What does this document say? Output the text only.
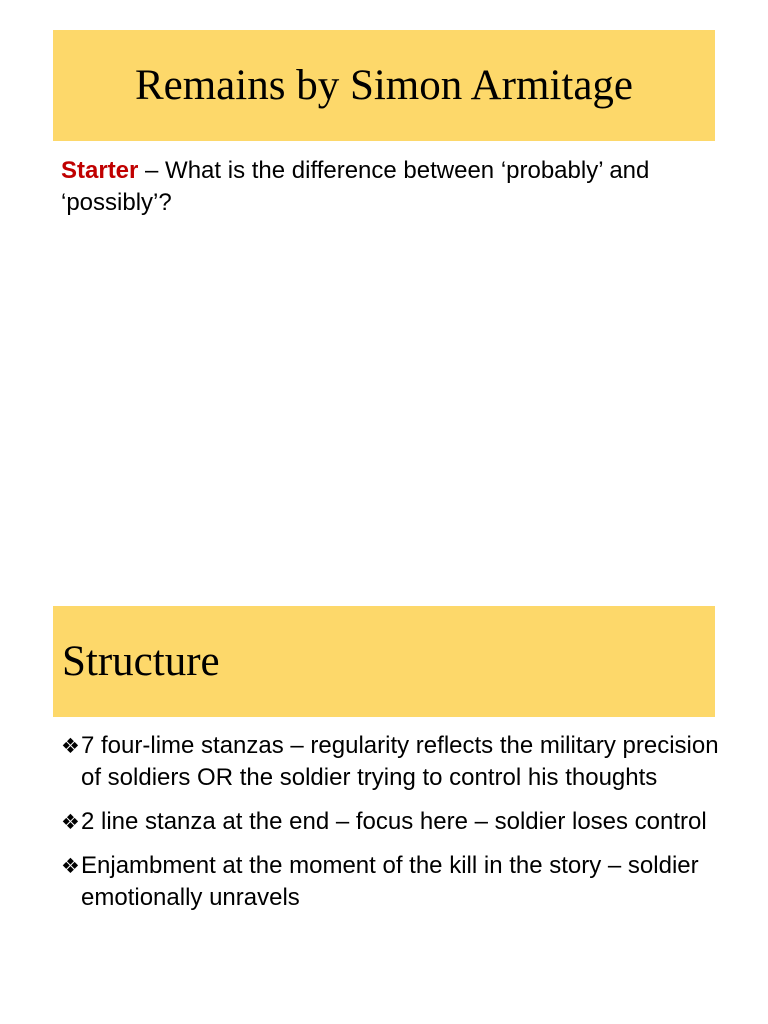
Remains by Simon Armitage
Starter – What is the difference between ‘probably’ and ‘possibly’?
Structure
❖ 7 four-lime stanzas – regularity reflects the military precision of soldiers OR the soldier trying to control his thoughts
❖ 2 line stanza at the end – focus here – soldier loses control
❖ Enjambment at the moment of the kill in the story – soldier emotionally unravels
